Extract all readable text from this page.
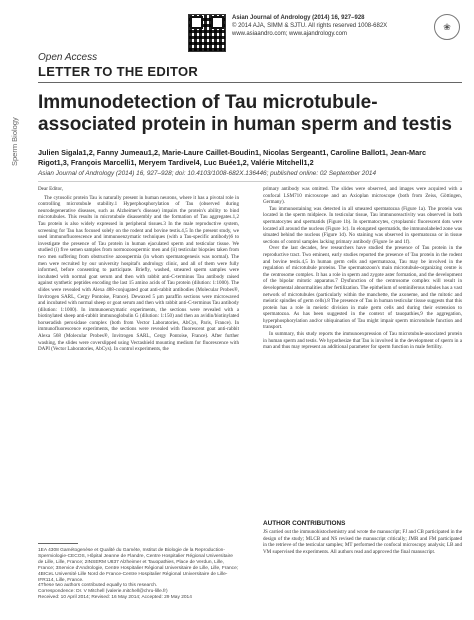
Asian Journal of Andrology (2014) 16, 927–928
© 2014 AJA, SIMM & SJTU. All rights reserved 1008-682X
www.asiaandro.com; www.ajandrology.com
❀
Open Access
LETTER TO THE EDITOR
Sperm Biology
Immunodetection of Tau microtubule-associated protein in human sperm and testis
Julien Sigala1,2, Fanny Jumeau1,2, Marie-Laure Caillet-Boudin1, Nicolas Sergeant1, Caroline Ballot1, Jean-Marc Rigot1,3, François Marcelli1, Meryem Tardivel4, Luc Buée1,2, Valérie Mitchell1,2
Asian Journal of Andrology (2014) 16, 927–928; doi: 10.4103/1008-682X.136446; published online: 02 September 2014

Dear Editor,

The cytosolic protein Tau is naturally present in human neurons, where it has a pivotal role in controlling microtubule stability.1 Hyperphosphorylation of Tau (observed during neurodegenerative diseases, such as Alzheimer's disease) impairs the protein's ability to bind microtubules. This results in microtubule disassembly and the formation of Tau aggregates.1,2 Tau protein is also widely expressed in peripheral tissues.3 In the male reproductive system, screening for Tau has focused solely on the rodent and bovine testis.4,5 In the present study, we used immunofluorescence and immunoenzymatic techniques (with a Tau-specific antibody)6 to investigate the presence of Tau protein in human ejaculated sperm and testicular tissue. We studied (i) five semen samples from normozoospermic men and (ii) testicular biopsies taken from two men suffering from obstructive azoospermia (in whom spermatogenesis was normal). The men were recruited by our university hospital's andrology clinic, and all of them were fully informed, before consenting to participate. Briefly, washed, smeared sperm samples were incubated with normal goat serum and then with rabbit anti-C-terminus Tau antibody raised against synthetic peptides encoding the last 15 amino acids of Tau protein (dilution: 1:1000). The slides were revealed with Alexa 488-conjugated goat anti-rabbit antibodies (Molecular Probes®, Invitrogen SARL, Cergy Pontoise, France). Dewaxed 5 μm paraffin sections were microwaved and incubated with normal sheep or goat serum and then with rabbit anti-C-terminus Tau antibody (dilution: 1:1000). In immunoenzymatic experiments, the sections were revealed with a biotinylated sheep anti-rabbit immunoglobulin G (dilution: 1:150) and then an avidin/biotinylated horseradish peroxidase complex (both from Vector Laboratories, AbCys, Paris, France). In immunofluorescence experiments, the sections were revealed with fluorescent goat anti-rabbit Alexa 568 (Molecular Probes®, Invitrogen SARL, Cergy Pontoise, France). After further washing, the slides were coverslipped using Vectashield mounting medium for fluorescence with DAPI (Vector Laboratories, AbCys). In control experiments, the

primary antibody was omitted. The slides were observed, and images were acquired with a confocal LSM710 microscope and an Axioplan microscope (both from Zeiss, Göttingen, Germany).

Tau immunostaining was detected in all smeared spermatozoa (Figure 1a). The protein was located in the sperm midpiece. In testicular tissue, Tau immunoreactivity was observed in both spermatocytes and spermatids (Figure 1b). In spermatocytes, cytoplasmic fluorescent dots were located all around the nucleus (Figure 1c). In elongated spermatids, the immunolabeled zone was situated behind the nucleus (Figure 1d). No staining was observed in spermatozoa or in tissue sections of control samples lacking primary antibody (Figure 1e and 1f).

Over the last decades, few researchers have studied the presence of Tau protein in the reproductive tract. Two eminent, early studies reported the presence of Tau protein in the rodent and bovine testis.4,5 In human germ cells and spermatozoa, Tau may be involved in the regulation of microtubule proteins. The spermatozoon's main microtubule-organizing centre is the centrosome complex. It has a role in sperm and zygote aster formation, and the development of the bipolar mitotic apparatus.7 Dysfunction of the centrosome complex will result in developmental abnormalities after fertilization. The epithelium of seminiferous tubules has a vast network of microtubules (particularly within the manchette, the axoneme, and the mitotic and meiotic spindles of germ cells).8 The presence of Tau in human testicular tissue suggests that this protein has a role in meiotic division in male germ cells and during their extension to spermatozoa. As has been suggested in the context of tauopathies,9 the aggregation, hyperphosphorylation and/or ubiquination of Tau might impair sperm microtubule function and transport.

In summary, this study reports the immunoexpression of Tau microtubule-associated protein in human sperm and testis. We hypothesize that Tau is involved in the development of sperm in a man and thus may represent an additional parameter for sperm function in male fertility.

AUTHOR CONTRIBUTIONS
JS carried out the immunohistochemistry and wrote the manuscript; FJ and CB participated in the design of the study; MLCB and NS revised the manuscript critically; JMR and FM participated in the retrieve of the testicular samples; MT performed the confocal microscopy analysis; LB and VM supervised the experiments. All authors read and approved the final manuscript.
1EA 4308 Gamétogenèse et Qualité du Gamète, Institut de Biologie de la Reproduction-Spermiologie-CECOS, Hôpital Jeanne de Flandre, Centre Hospitalier Régional Universitaire de Lille, Lille, France; 2INSERM U837 Alzheimer et Tauopathies, Place de Verdun, Lille, France; 3Service d'Andrologie, Centre Hospitalier Régional Universitaire de Lille, Lille, France; 4BICeL Université Lille Nord de France-Centre Hospitalier Régional Universitaire de Lille-IFR114, Lille, France.
4These two authors contributed equally to this research.
Correspondence: Dr. V Mitchell (valerie.mitchell@chru-lille.fr)
Received: 10 April 2014; Revised: 16 May 2014; Accepted: 29 May 2014
